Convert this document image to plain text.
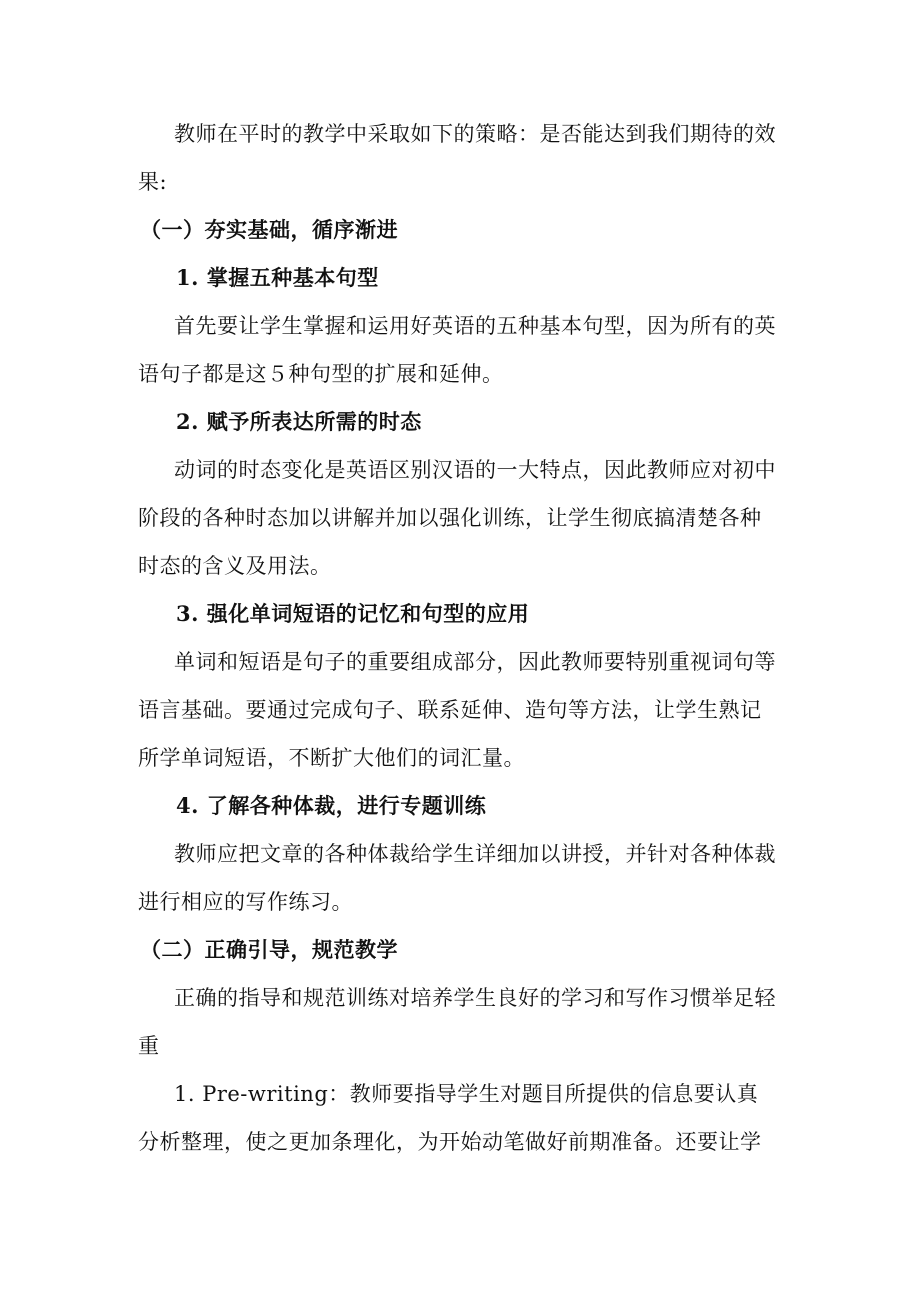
教师在平时的教学中采取如下的策略：是否能达到我们期待的效果:

（一）夯实基础，循序渐进

1. 掌握五种基本句型

首先要让学生掌握和运用好英语的五种基本句型，因为所有的英语句子都是这５种句型的扩展和延伸。

2. 赋予所表达所需的时态

动词的时态变化是英语区别汉语的一大特点，因此教师应对初中阶段的各种时态加以讲解并加以强化训练，让学生彻底搞清楚各种时态的含义及用法。

3. 强化单词短语的记忆和句型的应用

单词和短语是句子的重要组成部分，因此教师要特别重视词句等语言基础。要通过完成句子、联系延伸、造句等方法，让学生熟记所学单词短语，不断扩大他们的词汇量。

4. 了解各种体裁，进行专题训练

教师应把文章的各种体裁给学生详细加以讲授，并针对各种体裁进行相应的写作练习。

（二）正确引导，规范教学

正确的指导和规范训练对培养学生良好的学习和写作习惯举足轻重

1. Pre-writing：教师要指导学生对题目所提供的信息要认真分析整理，使之更加条理化，为开始动笔做好前期准备。还要让学
